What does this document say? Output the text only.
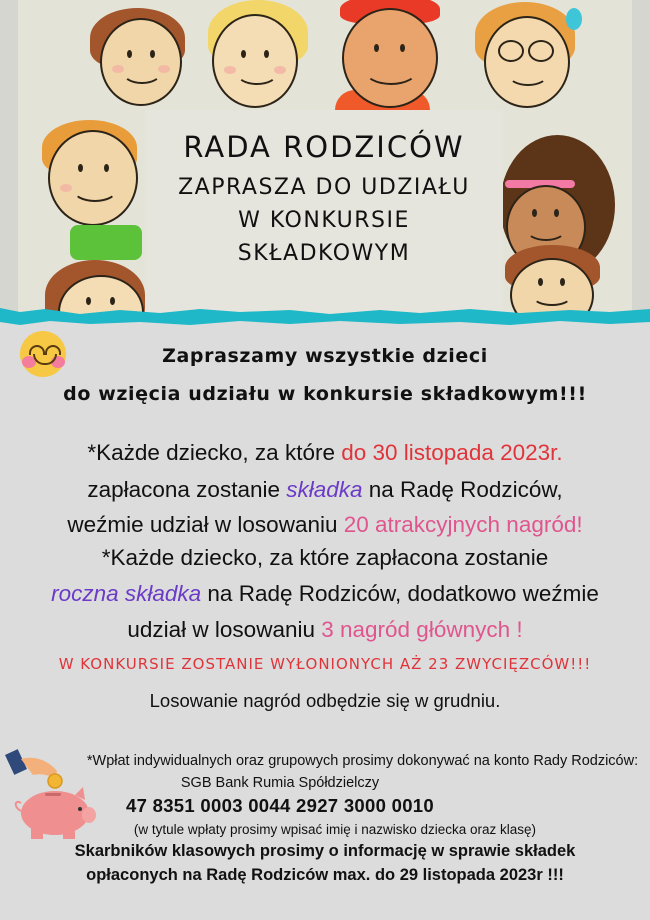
RADA RODZICÓW
ZAPRASZA DO UDZIAŁU
W KONKURSIE
SKŁADKOWYM
Zapraszamy wszystkie dzieci
do wzięcia udziału w konkursie składkowym!!!
*Każde dziecko, za które do 30 listopada 2023r.
zapłacona zostanie składka na Radę Rodziców,
weźmie udział w losowaniu 20 atrakcyjnych nagród!
*Każde dziecko, za które zapłacona zostanie
roczna składka na Radę Rodziców, dodatkowo weźmie
udział w losowaniu 3 nagród głównych !
W KONKURSIE ZOSTANIE WYŁONIONYCH AŻ 23 ZWYCIĘZCÓW!!!
Losowanie nagród odbędzie się w grudniu.
*Wpłat indywidualnych oraz grupowych prosimy dokonywać na konto Rady Rodziców:
SGB Bank Rumia Spółdzielczy
47 8351 0003 0044 2927 3000 0010
(w tytule wpłaty prosimy wpisać imię i nazwisko dziecka oraz klasę)
Skarbników klasowych prosimy o informację w sprawie składek
opłaconych na Radę Rodziców max. do 29 listopada 2023r !!!
